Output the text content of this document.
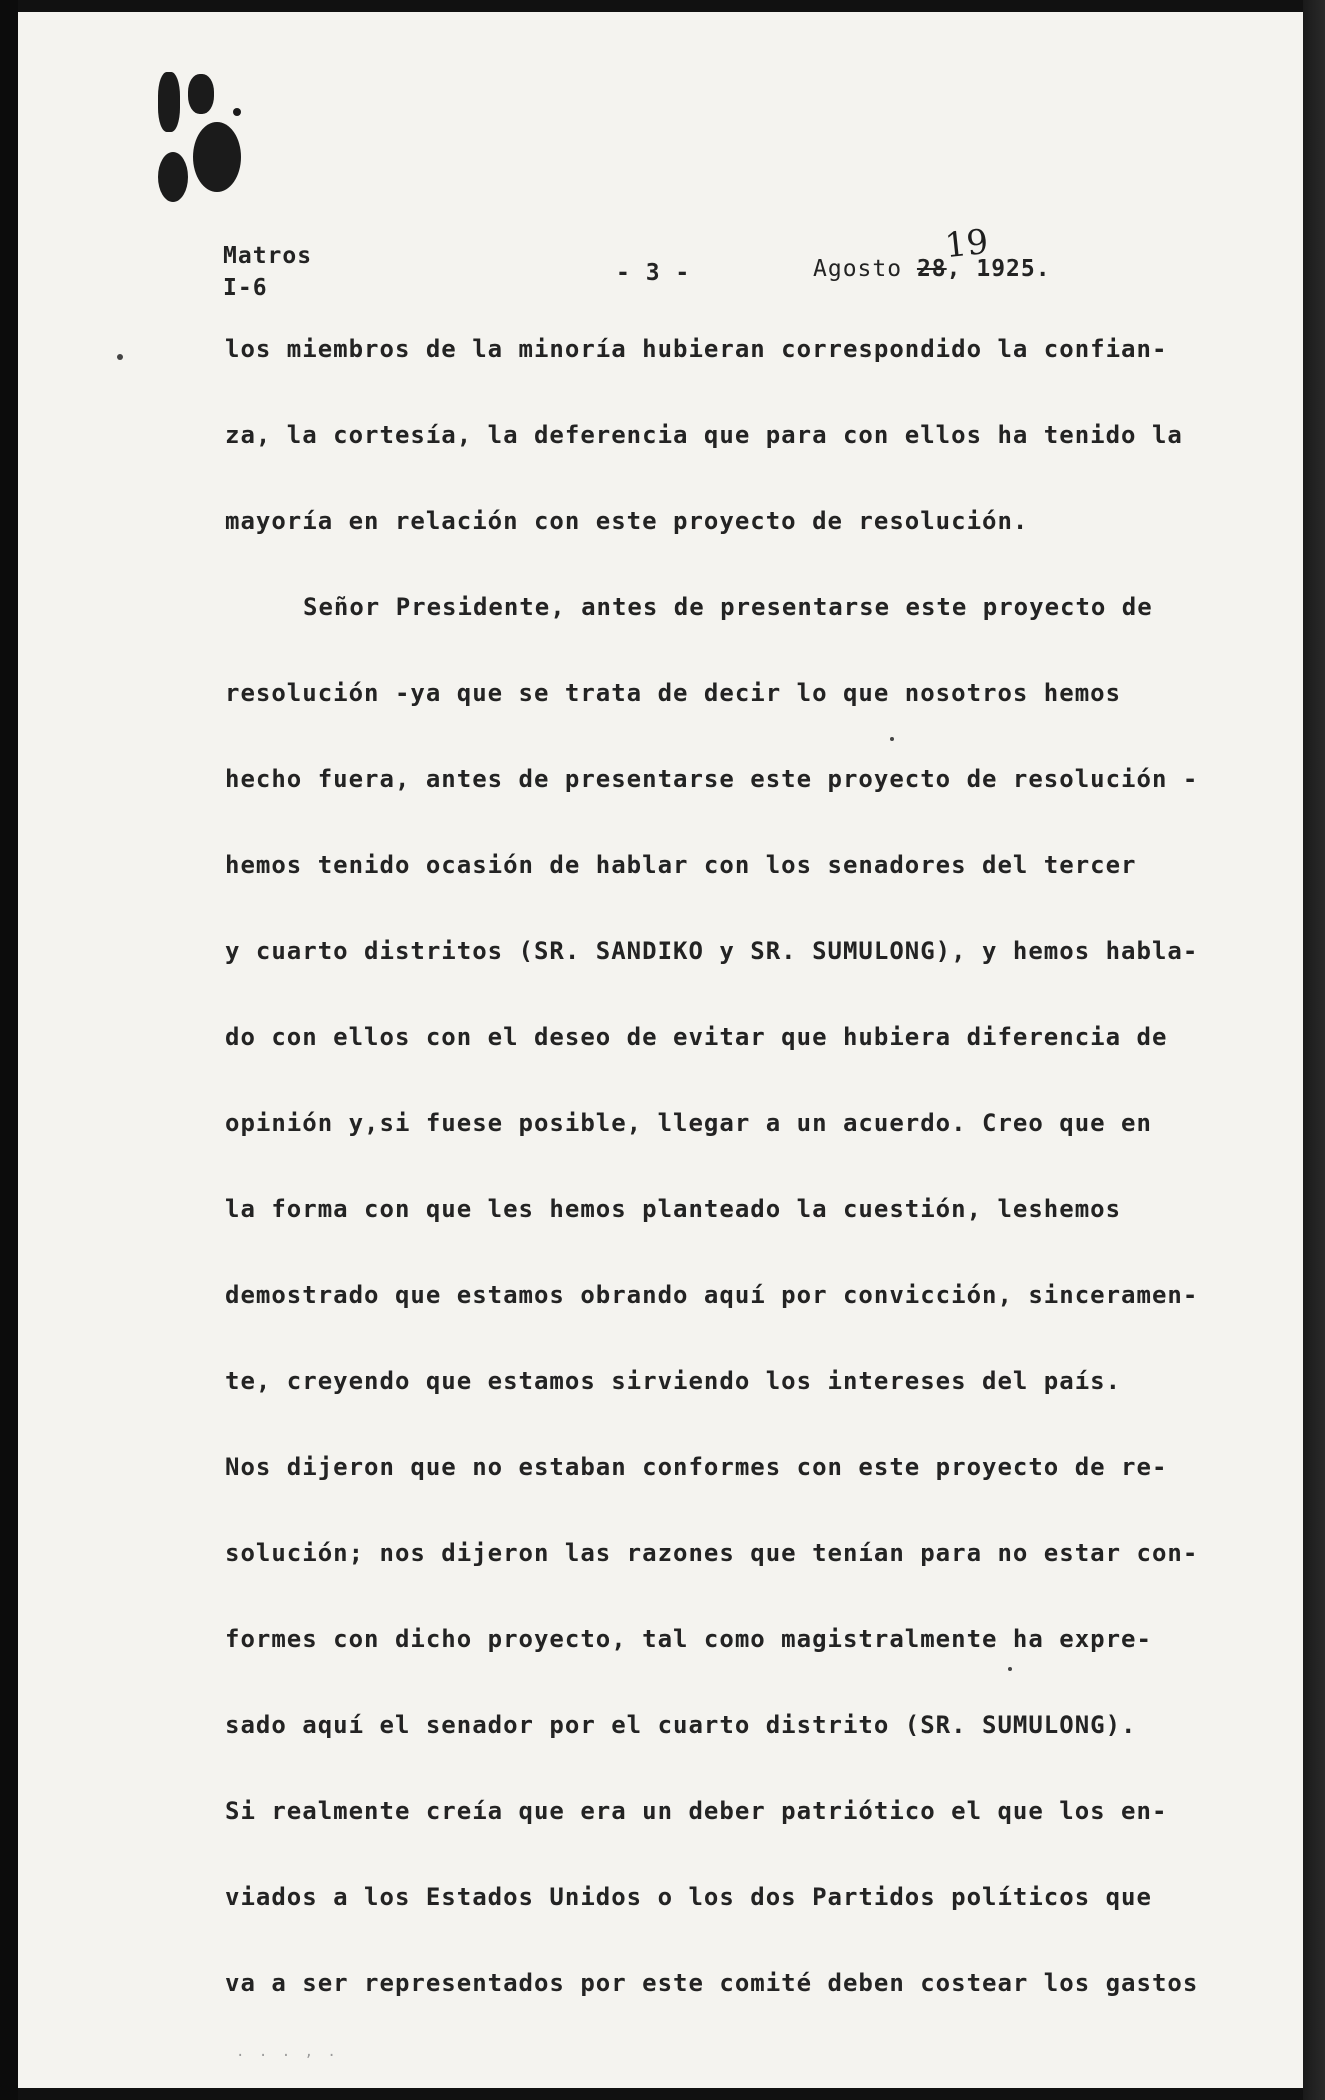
Matros
I-6
- 3 -	Agosto 28, 1925.
19
los miembros de la minoría hubieran correspondido la confian-
za, la cortesía, la deferencia que para con ellos ha tenido la
mayoría en relación con este proyecto de resolución.
Señor Presidente, antes de presentarse este proyecto de
resolución -ya que se trata de decir lo que nosotros hemos
hecho fuera, antes de presentarse este proyecto de resolución -
hemos tenido ocasión de hablar con los senadores del tercer
y cuarto distritos (SR. SANDIKO y SR. SUMULONG), y hemos habla-
do con ellos con el deseo de evitar que hubiera diferencia de
opinión y,si fuese posible, llegar a un acuerdo. Creo que en
la forma con que les hemos planteado la cuestión, leshemos
demostrado que estamos obrando aquí por convicción, sinceramen-
te, creyendo que estamos sirviendo los intereses del país.
Nos dijeron que no estaban conformes con este proyecto de re-
solución; nos dijeron las razones que tenían para no estar con-
formes con dicho proyecto, tal como magistralmente ha expre-
sado aquí el senador por el cuarto distrito (SR. SUMULONG).
Si realmente creía que era un deber patriótico el que los en-
viados a los Estados Unidos o los dos Partidos políticos que
va a ser representados por este comité deben costear los gastos
. . . , .
